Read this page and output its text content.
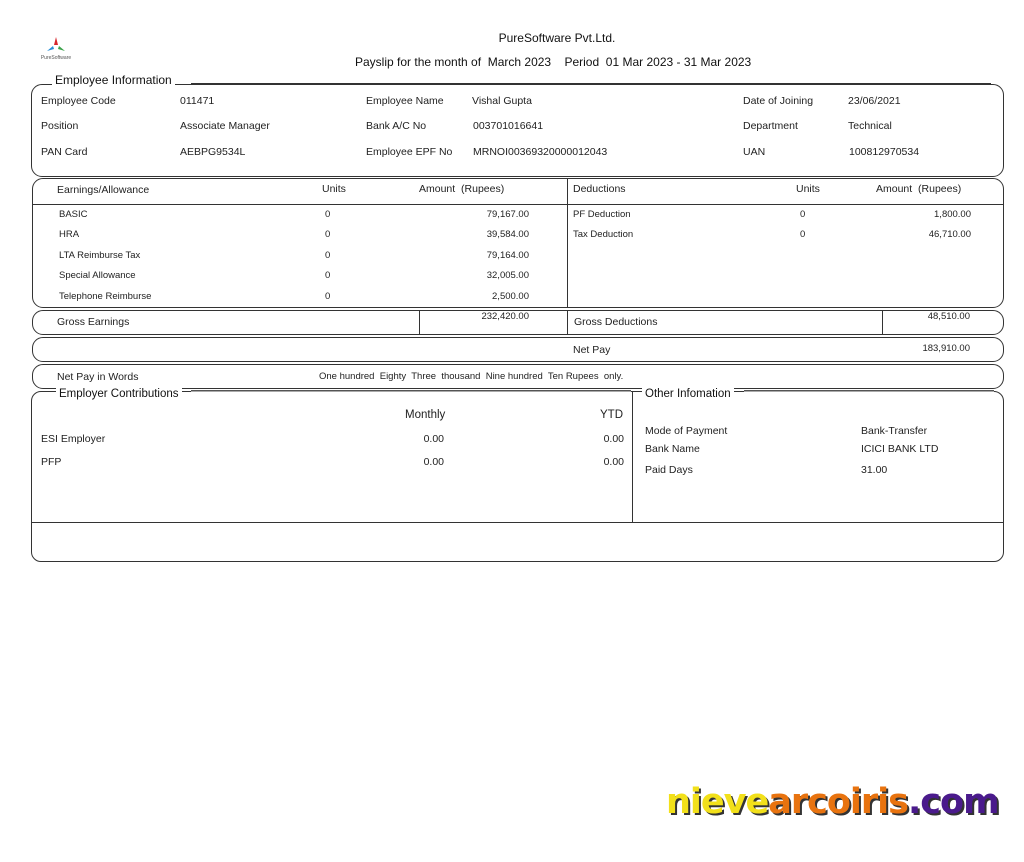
PureSoftware
PureSoftware Pvt.Ltd.
Payslip for the month of  March 2023    Period  01 Mar 2023 - 31 Mar 2023
Employee Information
Employee Code	011471
Position	Associate Manager
PAN Card	AEBPG9534L
Employee Name	Vishal Gupta
Bank A/C No	003701016641
Employee EPF No MRNOI00369320000012043
Date of Joining	23/06/2021
Department	Technical
UAN	100812970534
Earnings/Allowance	Units	Amount  (Rupees)	Deductions	Units	Amount  (Rupees)
BASIC	0	79,167.00
HRA	0	39,584.00
LTA Reimburse Tax	0	79,164.00
Special Allowance	0	32,005.00
Telephone Reimburse	0	2,500.00
PF Deduction	0	1,800.00
Tax Deduction	0	46,710.00
Gross Earnings	232,420.00	Gross Deductions	48,510.00
Net Pay	183,910.00
Net Pay in Words	One hundred  Eighty  Three  thousand  Nine hundred  Ten Rupees  only.
Employer Contributions
Monthly	YTD
ESI Employer	0.00	0.00
PFP	0.00	0.00
Other Infomation
Mode of Payment	Bank-Transfer
Bank Name	ICICI BANK LTD
Paid Days	31.00
nievearcoiris.com
